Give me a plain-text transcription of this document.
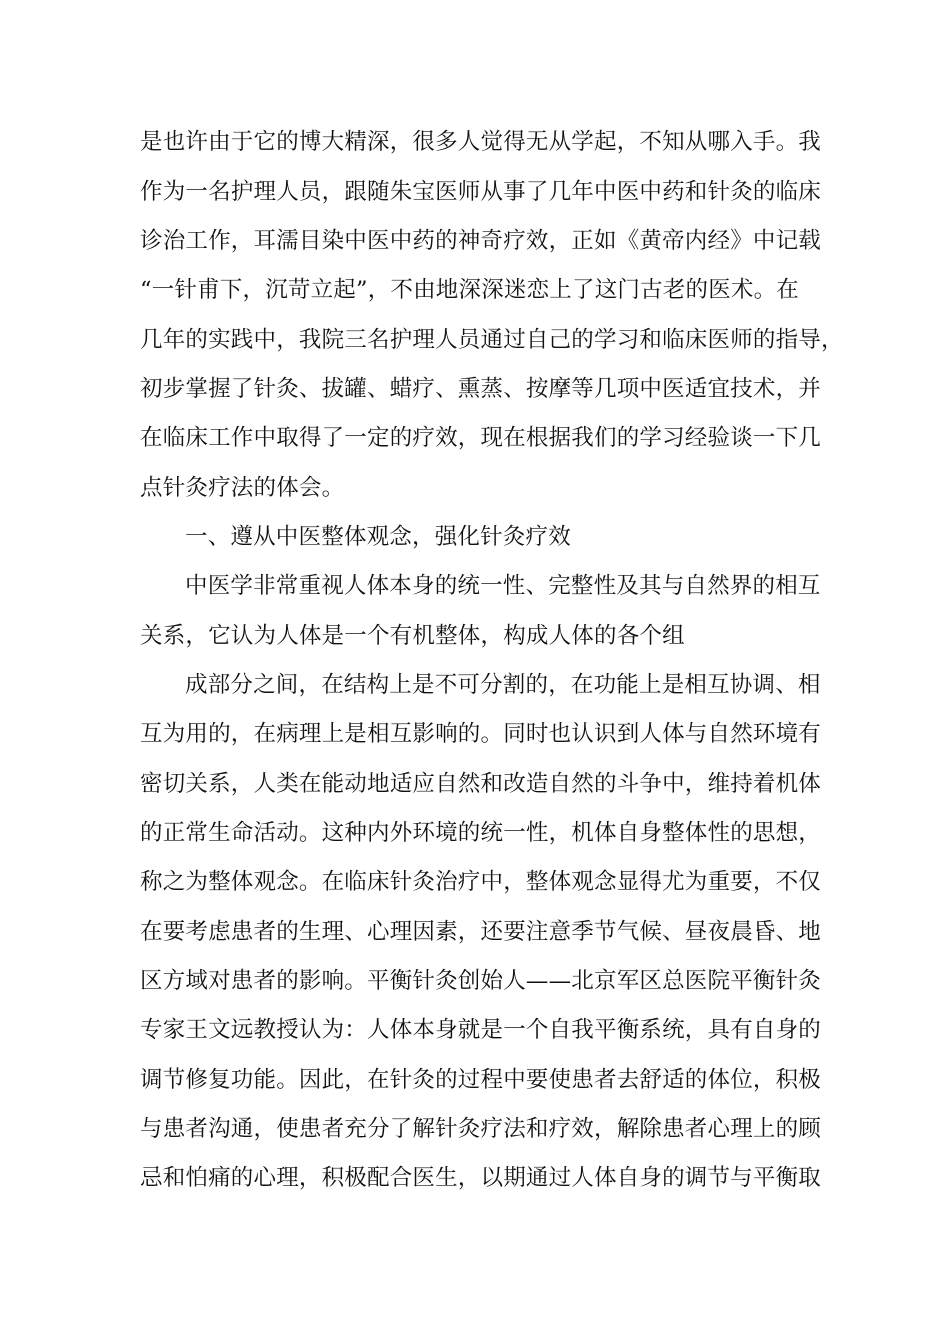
是也许由于它的博大精深，很多人觉得无从学起，不知从哪入手。我
作为一名护理人员，跟随朱宝医师从事了几年中医中药和针灸的临床
诊治工作，耳濡目染中医中药的神奇疗效，正如《黄帝内经》中记载
“一针甫下，沉苛立起”，不由地深深迷恋上了这门古老的医术。在
几年的实践中，我院三名护理人员通过自己的学习和临床医师的指导，
初步掌握了针灸、拔罐、蜡疗、熏蒸、按摩等几项中医适宜技术，并
在临床工作中取得了一定的疗效，现在根据我们的学习经验谈一下几
点针灸疗法的体会。
一、遵从中医整体观念，强化针灸疗效
中医学非常重视人体本身的统一性、完整性及其与自然界的相互
关系，它认为人体是一个有机整体，构成人体的各个组
成部分之间，在结构上是不可分割的，在功能上是相互协调、相
互为用的，在病理上是相互影响的。同时也认识到人体与自然环境有
密切关系，人类在能动地适应自然和改造自然的斗争中，维持着机体
的正常生命活动。这种内外环境的统一性，机体自身整体性的思想，
称之为整体观念。在临床针灸治疗中，整体观念显得尤为重要，不仅
在要考虑患者的生理、心理因素，还要注意季节气候、昼夜晨昏、地
区方域对患者的影响。平衡针灸创始人——北京军区总医院平衡针灸
专家王文远教授认为：人体本身就是一个自我平衡系统，具有自身的
调节修复功能。因此，在针灸的过程中要使患者去舒适的体位，积极
与患者沟通，使患者充分了解针灸疗法和疗效，解除患者心理上的顾
忌和怕痛的心理，积极配合医生，以期通过人体自身的调节与平衡取
